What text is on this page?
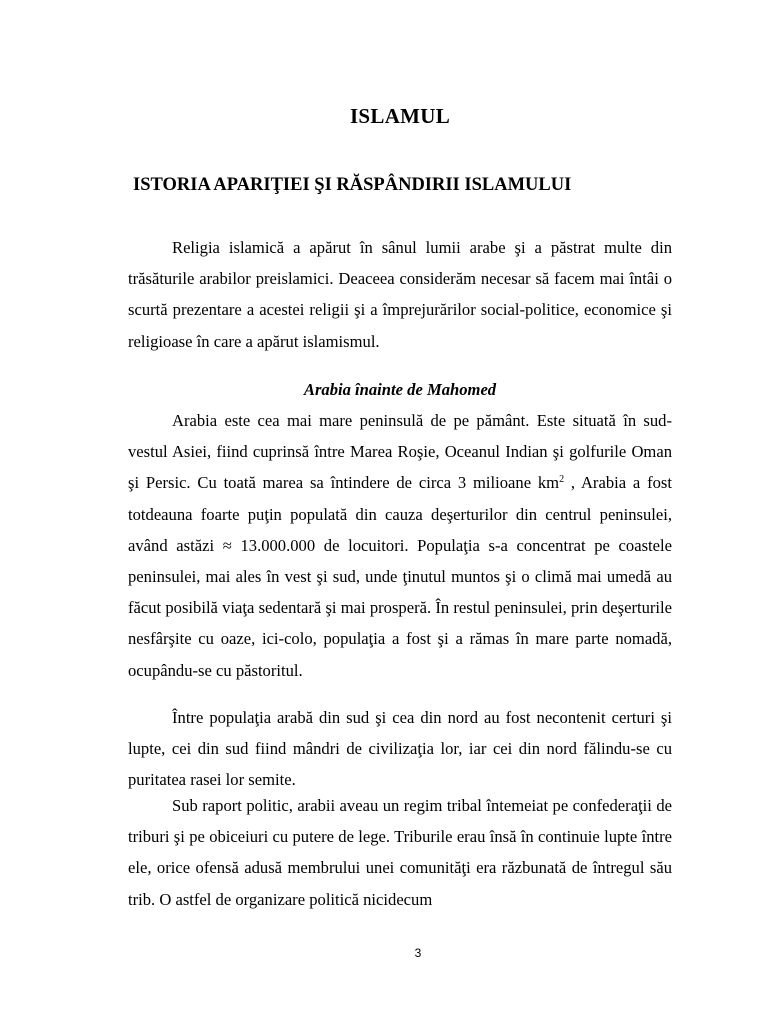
ISLAMUL
ISTORIA APARIŢIEI ŞI RĂSPÂNDIRII ISLAMULUI

Religia islamică a apărut în sânul lumii arabe şi a păstrat multe din trăsăturile arabilor preislamici. Deaceea considerăm necesar să facem mai întâi o scurtă prezentare a acestei religii şi a împrejurărilor social-politice, economice şi religioase în care a apărut islamismul.

Arabia înainte de Mahomed

Arabia este cea mai mare peninsulă de pe pământ. Este situată în sud-vestul Asiei, fiind cuprinsă între Marea Roşie, Oceanul Indian şi golfurile Oman şi Persic. Cu toată marea sa întindere de circa 3 milioane $km^2$ , Arabia a fost totdeauna foarte puţin populată din cauza deşerturilor din centrul peninsulei, având astăzi ≈ 13.000.000 de locuitori. Populaţia s-a concentrat pe coastele peninsulei, mai ales în vest şi sud, unde ţinutul muntos şi o climă mai umedă au făcut posibilă viaţa sedentară şi mai prosperă. În restul peninsulei, prin deşerturile nesfârşite cu oaze, ici-colo, populaţia a fost şi a rămas în mare parte nomadă, ocupându-se cu păstoritul.

Între populaţia arabă din sud şi cea din nord au fost necontenit certuri şi lupte, cei din sud fiind mândri de civilizaţia lor, iar cei din nord fălindu-se cu puritatea rasei lor semite.

Sub raport politic, arabii aveau un regim tribal întemeiat pe confederaţii de triburi şi pe obiceiuri cu putere de lege. Triburile erau însă în continuie lupte între ele, orice ofensă adusă membrului unei comunităţi era răzbunată de întregul său trib. O astfel de organizare politică nicidecum

3
